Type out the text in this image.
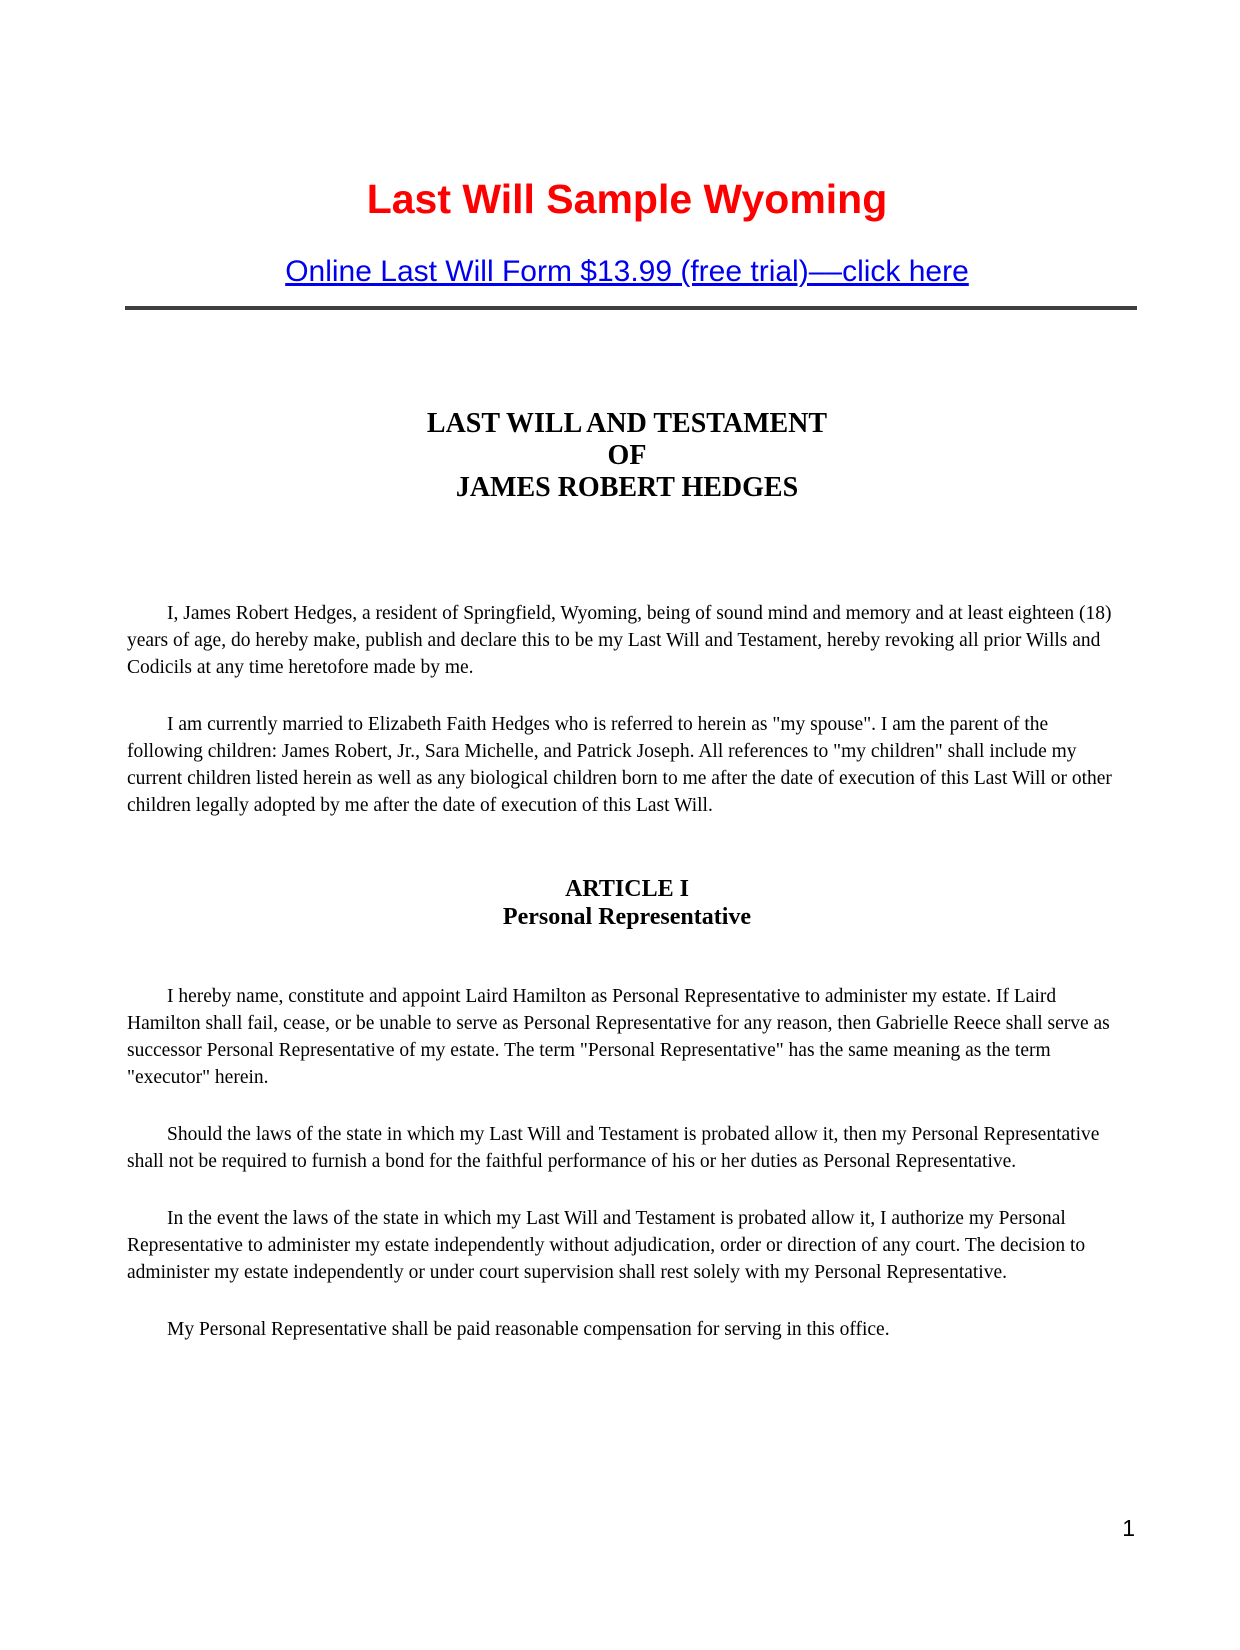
Last Will Sample Wyoming
Online Last Will Form $13.99 (free trial)––click here
LAST WILL AND TESTAMENT
OF
JAMES ROBERT HEDGES

I, James Robert Hedges, a resident of Springfield, Wyoming, being of sound mind and memory and at least eighteen (18) years of age, do hereby make, publish and declare this to be my Last Will and Testament, hereby revoking all prior Wills and Codicils at any time heretofore made by me.

I am currently married to Elizabeth Faith Hedges who is referred to herein as "my spouse". I am the parent of the following children: James Robert, Jr., Sara Michelle, and Patrick Joseph. All references to "my children" shall include my current children listed herein as well as any biological children born to me after the date of execution of this Last Will or other children legally adopted by me after the date of execution of this Last Will.

ARTICLE I
Personal Representative

I hereby name, constitute and appoint Laird Hamilton as Personal Representative to administer my estate. If Laird Hamilton shall fail, cease, or be unable to serve as Personal Representative for any reason, then Gabrielle Reece shall serve as successor Personal Representative of my estate. The term "Personal Representative" has the same meaning as the term "executor" herein.

Should the laws of the state in which my Last Will and Testament is probated allow it, then my Personal Representative shall not be required to furnish a bond for the faithful performance of his or her duties as Personal Representative.

In the event the laws of the state in which my Last Will and Testament is probated allow it, I authorize my Personal Representative to administer my estate independently without adjudication, order or direction of any court. The decision to administer my estate independently or under court supervision shall rest solely with my Personal Representative.

My Personal Representative shall be paid reasonable compensation for serving in this office.

1
